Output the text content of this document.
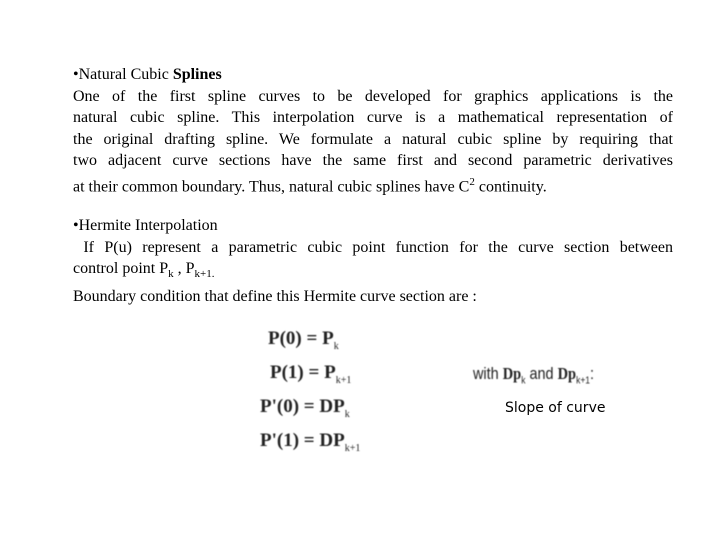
•Natural Cubic Splines
One of the first spline curves to be developed for graphics applications is the
natural cubic spline. This interpolation curve is a mathematical representation of
the original drafting spline. We formulate a natural cubic spline by requiring that
two adjacent curve sections have the same first and second parametric derivatives
at their common boundary. Thus, natural cubic splines have $C^2$ continuity.
•Hermite Interpolation
If P(u) represent a parametric cubic point function for the curve section between
control point $P_k$ , $P_{k+1.}$
Boundary condition that define this Hermite curve section are :
$P(0) = P_k$
$P(1) = P_{k+1}$
$P'(0) = DP_k$
$P'(1) = DP_{k+1}$
with $Dp_k$ and $Dp_{k+1}$:
Slope of curve
